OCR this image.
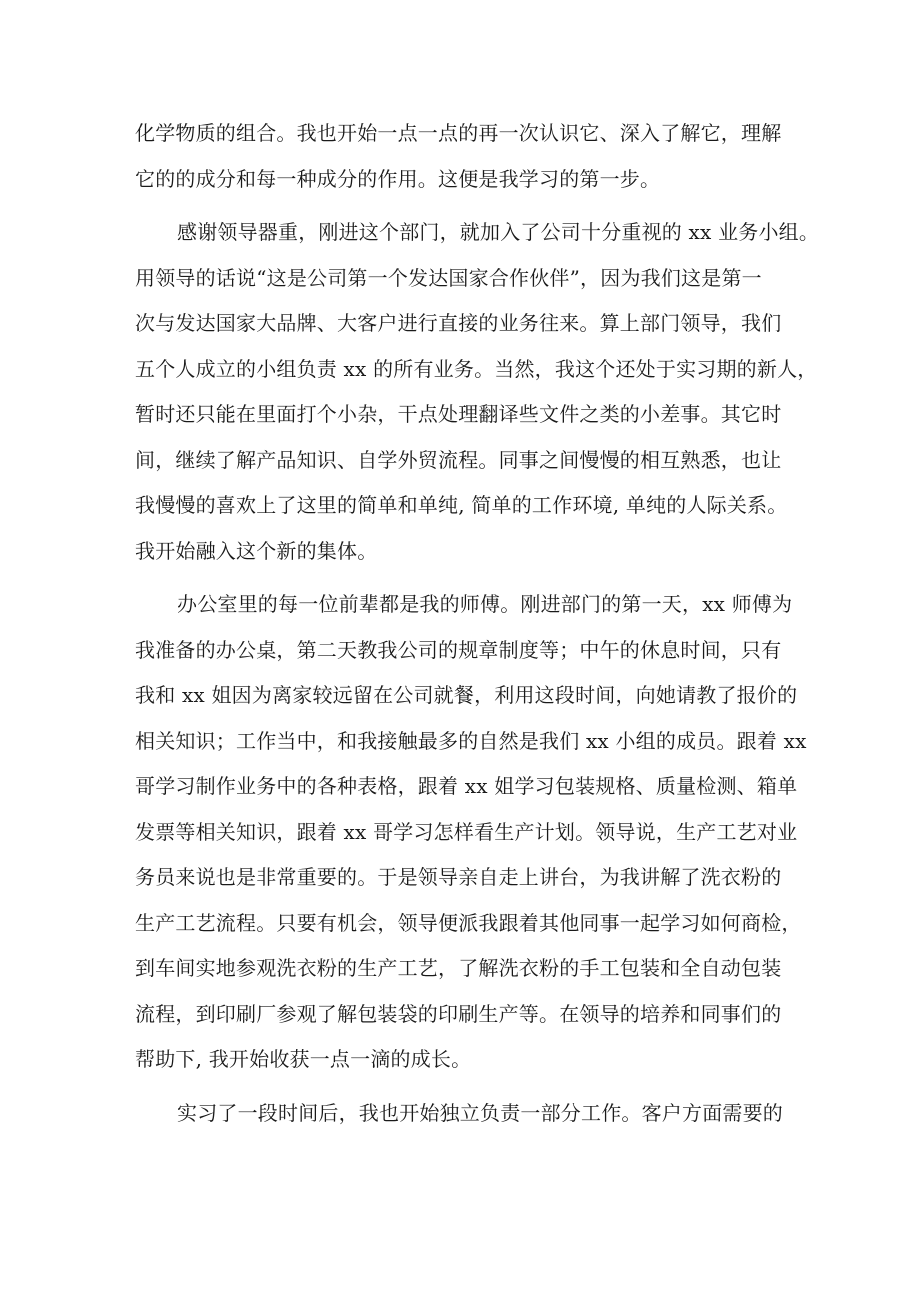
化学物质的组合。我也开始一点一点的再一次认识它、深入了解它，理解
它的的成分和每一种成分的作用。这便是我学习的第一步。
感谢领导器重，刚进这个部门，就加入了公司十分重视的 xx 业务小组。
用领导的话说“这是公司第一个发达国家合作伙伴”，因为我们这是第一
次与发达国家大品牌、大客户进行直接的业务往来。算上部门领导，我们
五个人成立的小组负责 xx 的所有业务。当然，我这个还处于实习期的新人，
暂时还只能在里面打个小杂，干点处理翻译些文件之类的小差事。其它时
间，继续了解产品知识、自学外贸流程。同事之间慢慢的相互熟悉，也让
我慢慢的喜欢上了这里的简单和单纯, 简单的工作环境, 单纯的人际关系。
我开始融入这个新的集体。
办公室里的每一位前辈都是我的师傅。刚进部门的第一天，xx 师傅为
我准备的办公桌，第二天教我公司的规章制度等；中午的休息时间，只有
我和 xx 姐因为离家较远留在公司就餐，利用这段时间，向她请教了报价的
相关知识；工作当中，和我接触最多的自然是我们 xx 小组的成员。跟着 xx
哥学习制作业务中的各种表格，跟着 xx 姐学习包装规格、质量检测、箱单
发票等相关知识，跟着 xx 哥学习怎样看生产计划。领导说，生产工艺对业
务员来说也是非常重要的。于是领导亲自走上讲台，为我讲解了洗衣粉的
生产工艺流程。只要有机会，领导便派我跟着其他同事一起学习如何商检，
到车间实地参观洗衣粉的生产工艺，了解洗衣粉的手工包装和全自动包装
流程，到印刷厂参观了解包装袋的印刷生产等。在领导的培养和同事们的
帮助下, 我开始收获一点一滴的成长。
实习了一段时间后，我也开始独立负责一部分工作。客户方面需要的
